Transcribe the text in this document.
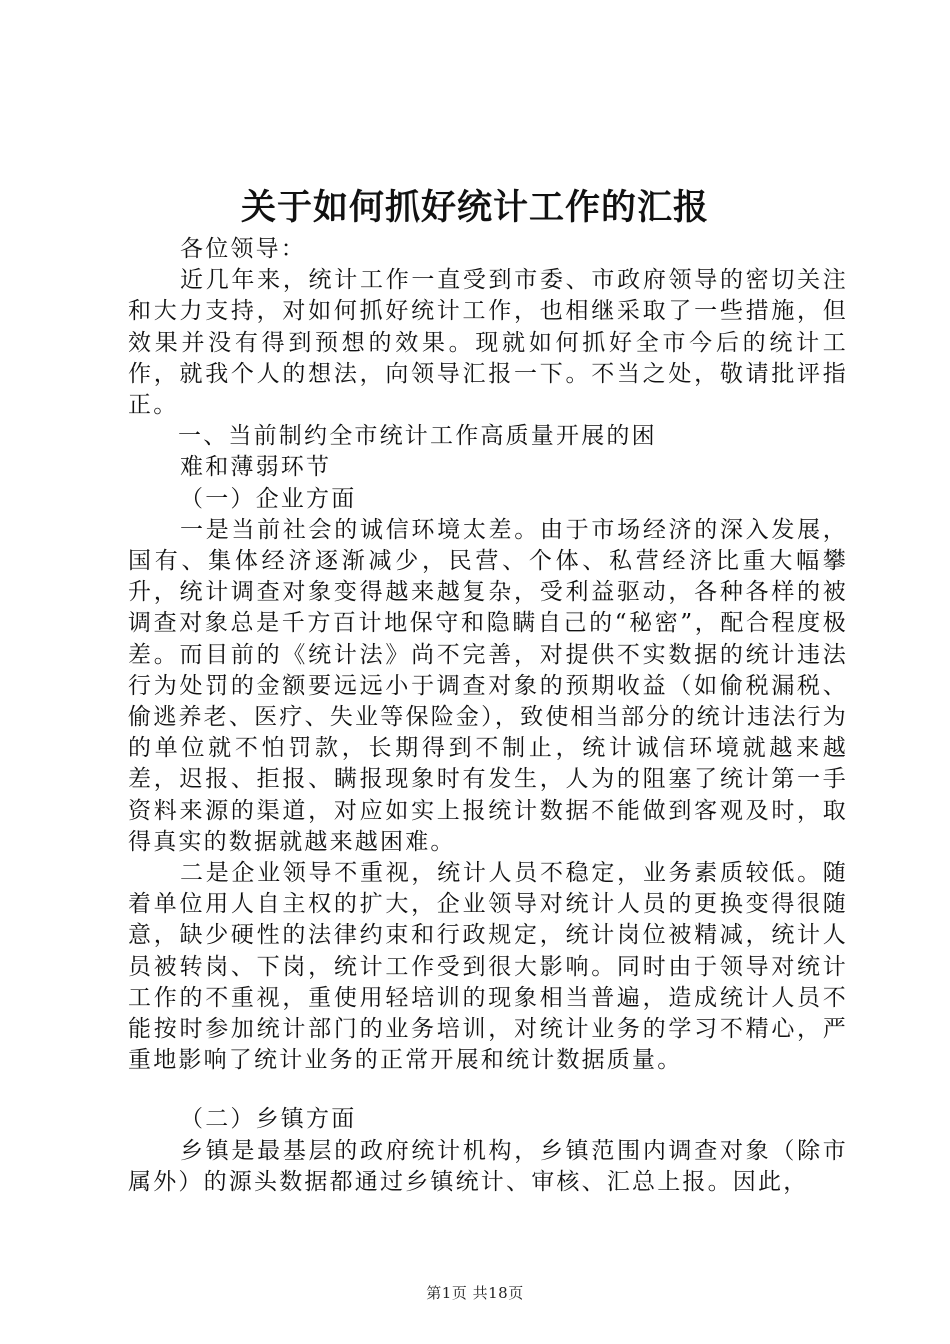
关于如何抓好统计工作的汇报

各位领导：

近几年来，统计工作一直受到市委、市政府领导的密切关注和大力支持，对如何抓好统计工作，也相继采取了一些措施，但效果并没有得到预想的效果。现就如何抓好全市今后的统计工作，就我个人的想法，向领导汇报一下。不当之处，敬请批评指正。

一、当前制约全市统计工作高质量开展的困

难和薄弱环节

（一）企业方面

一是当前社会的诚信环境太差。由于市场经济的深入发展，国有、集体经济逐渐减少，民营、个体、私营经济比重大幅攀升，统计调查对象变得越来越复杂，受利益驱动，各种各样的被调查对象总是千方百计地保守和隐瞒自己的“秘密”，配合程度极差。而目前的《统计法》尚不完善，对提供不实数据的统计违法行为处罚的金额要远远小于调查对象的预期收益（如偷税漏税、偷逃养老、医疗、失业等保险金），致使相当部分的统计违法行为的单位就不怕罚款，长期得到不制止，统计诚信环境就越来越差，迟报、拒报、瞒报现象时有发生，人为的阻塞了统计第一手资料来源的渠道，对应如实上报统计数据不能做到客观及时，取得真实的数据就越来越困难。

二是企业领导不重视，统计人员不稳定，业务素质较低。随着单位用人自主权的扩大，企业领导对统计人员的更换变得很随意，缺少硬性的法律约束和行政规定，统计岗位被精减，统计人员被转岗、下岗，统计工作受到很大影响。同时由于领导对统计工作的不重视，重使用轻培训的现象相当普遍，造成统计人员不能按时参加统计部门的业务培训，对统计业务的学习不精心，严重地影响了统计业务的正常开展和统计数据质量。

（二）乡镇方面

乡镇是最基层的政府统计机构，乡镇范围内调查对象（除市属外）的源头数据都通过乡镇统计、审核、汇总上报。因此，

第1页 共18页
